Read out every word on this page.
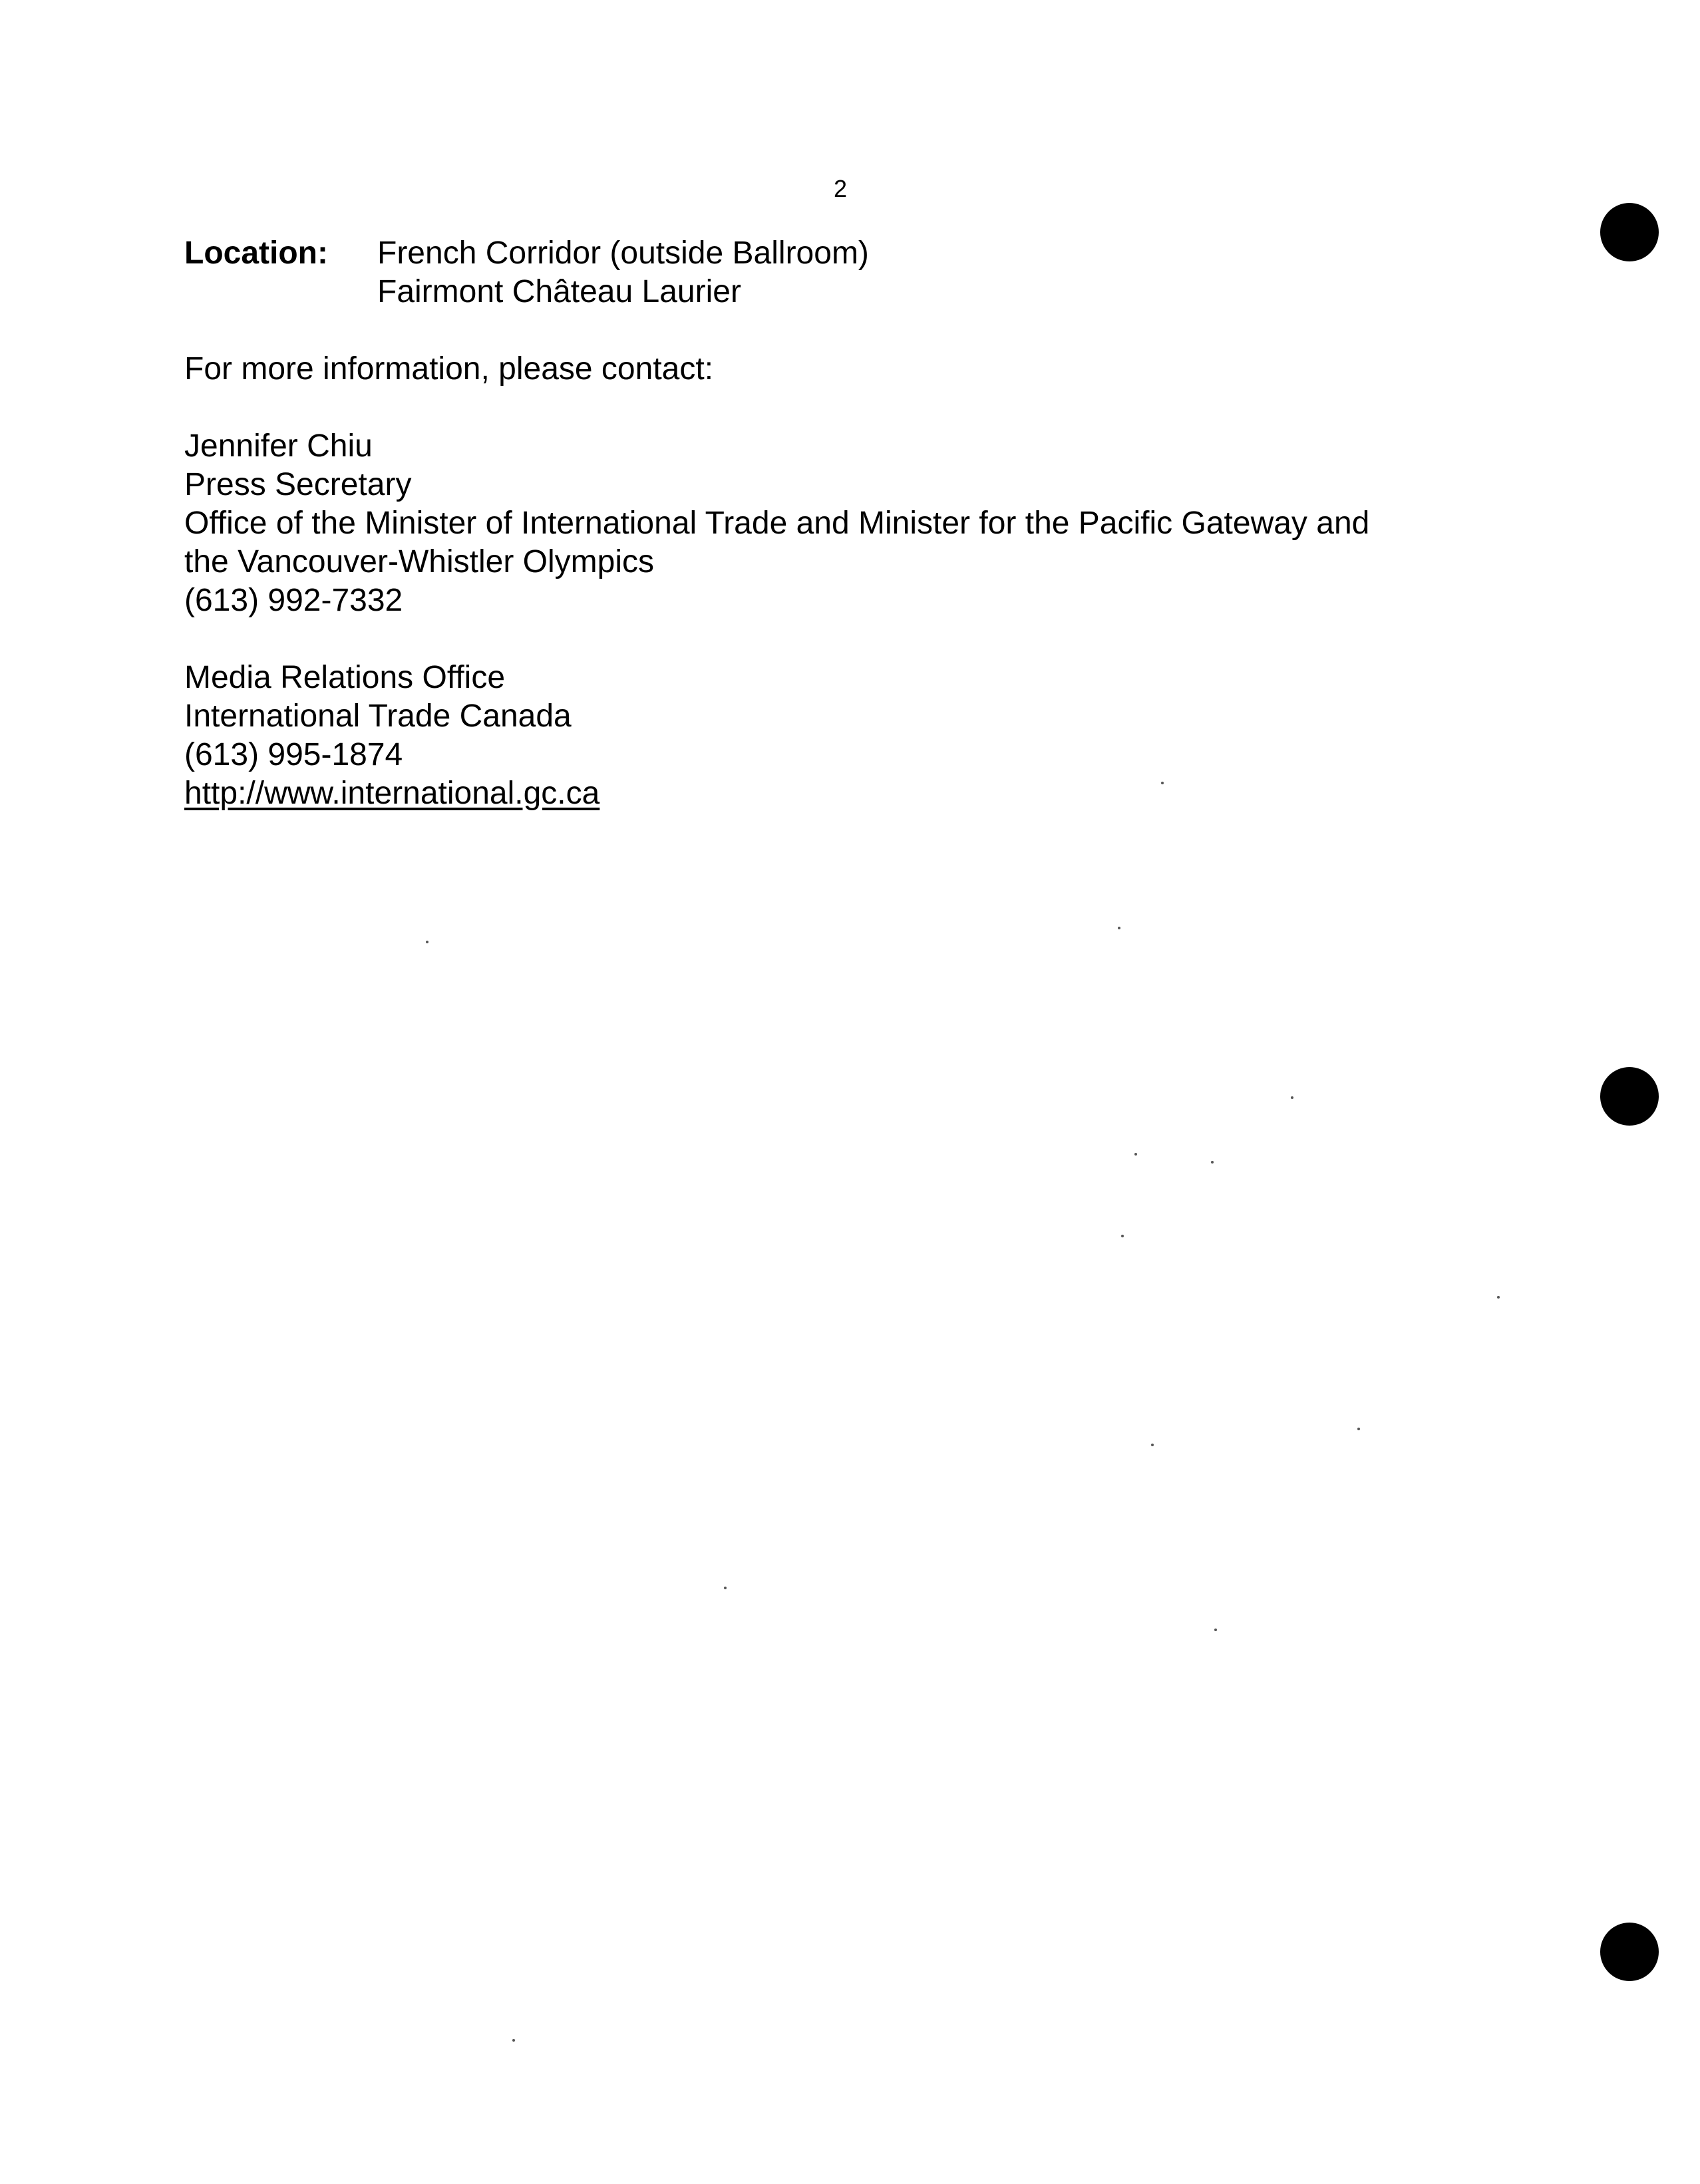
2
Location:	French Corridor (outside Ballroom)
Fairmont Château Laurier
For more information, please contact:
Jennifer Chiu
Press Secretary
Office of the Minister of International Trade and Minister for the Pacific Gateway and
the Vancouver-Whistler Olympics
(613) 992-7332
Media Relations Office
International Trade Canada
(613) 995-1874
http://www.international.gc.ca
